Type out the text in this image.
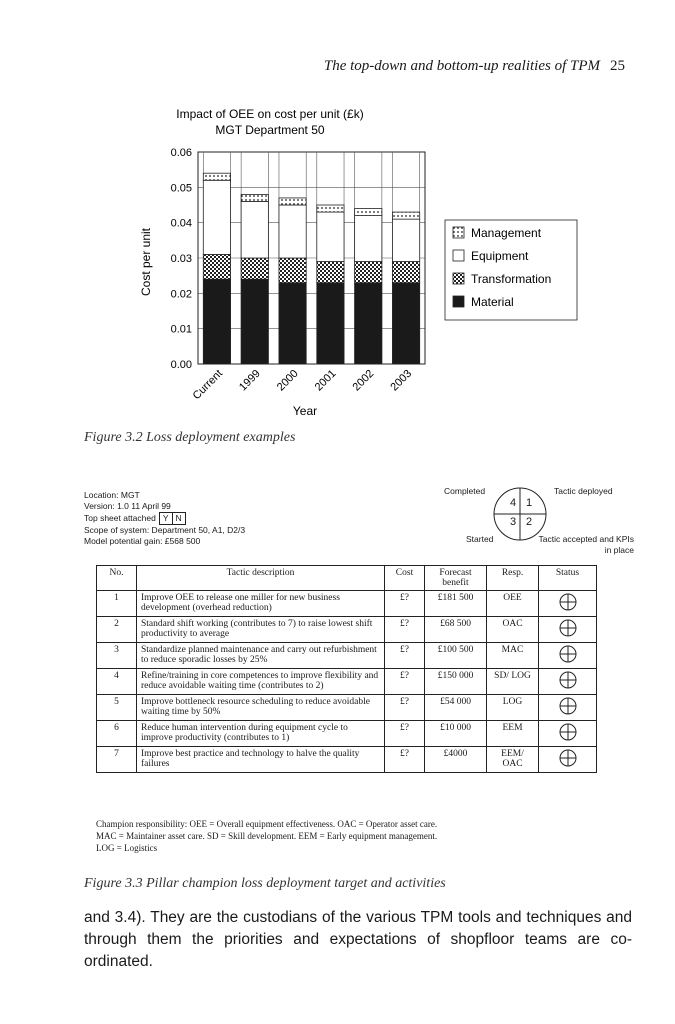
The top-down and bottom-up realities of TPM 25
Impact of OEE on cost per unit (£k)
MGT Department 50
0.00
0.01
0.02
0.03
0.04
0.05
0.06
Current 1999 2000 2001 2002 2003
Cost per unit
Year
Management
Equipment
Transformation
Material
Figure 3.2 Loss deployment examples
Location: MGT
Version: 1.0 11 April 99
Top sheet attached Y N
Scope of system: Department 50, A1, D2/3
Model potential gain: £568 500
4 1
3 2
Completed
Started
Tactic deployed
Tactic accepted and KPIs in place
No.	Tactic description	Cost	Forecast benefit	Resp.	Status
1	Improve OEE to release one miller for new business development (overhead reduction)	£?	£181 500	OEE	
2	Standard shift working (contributes to 7) to raise lowest shift productivity to average	£?	£68 500	OAC	
3	Standardize planned maintenance and carry out refurbishment to reduce sporadic losses by 25%	£?	£100 500	MAC	
4	Refine/training in core competences to improve flexibility and reduce avoidable waiting time (contributes to 2)	£?	£150 000	SD/ LOG	
5	Improve bottleneck resource scheduling to reduce avoidable waiting time by 50%	£?	£54 000	LOG	
6	Reduce human intervention during equipment cycle to improve productivity (contributes to 1)	£?	£10 000	EEM	
7	Improve best practice and technology to halve the quality failures	£?	£4000	EEM/ OAC	
Champion responsibility: OEE = Overall equipment effectiveness. OAC = Operator asset care.
MAC = Maintainer asset care. SD = Skill development. EEM = Early equipment management.
LOG = Logistics
Figure 3.3 Pillar champion loss deployment target and activities
and 3.4). They are the custodians of the various TPM tools and techniques and through them the priorities and expectations of shopfloor teams are co-ordinated.
